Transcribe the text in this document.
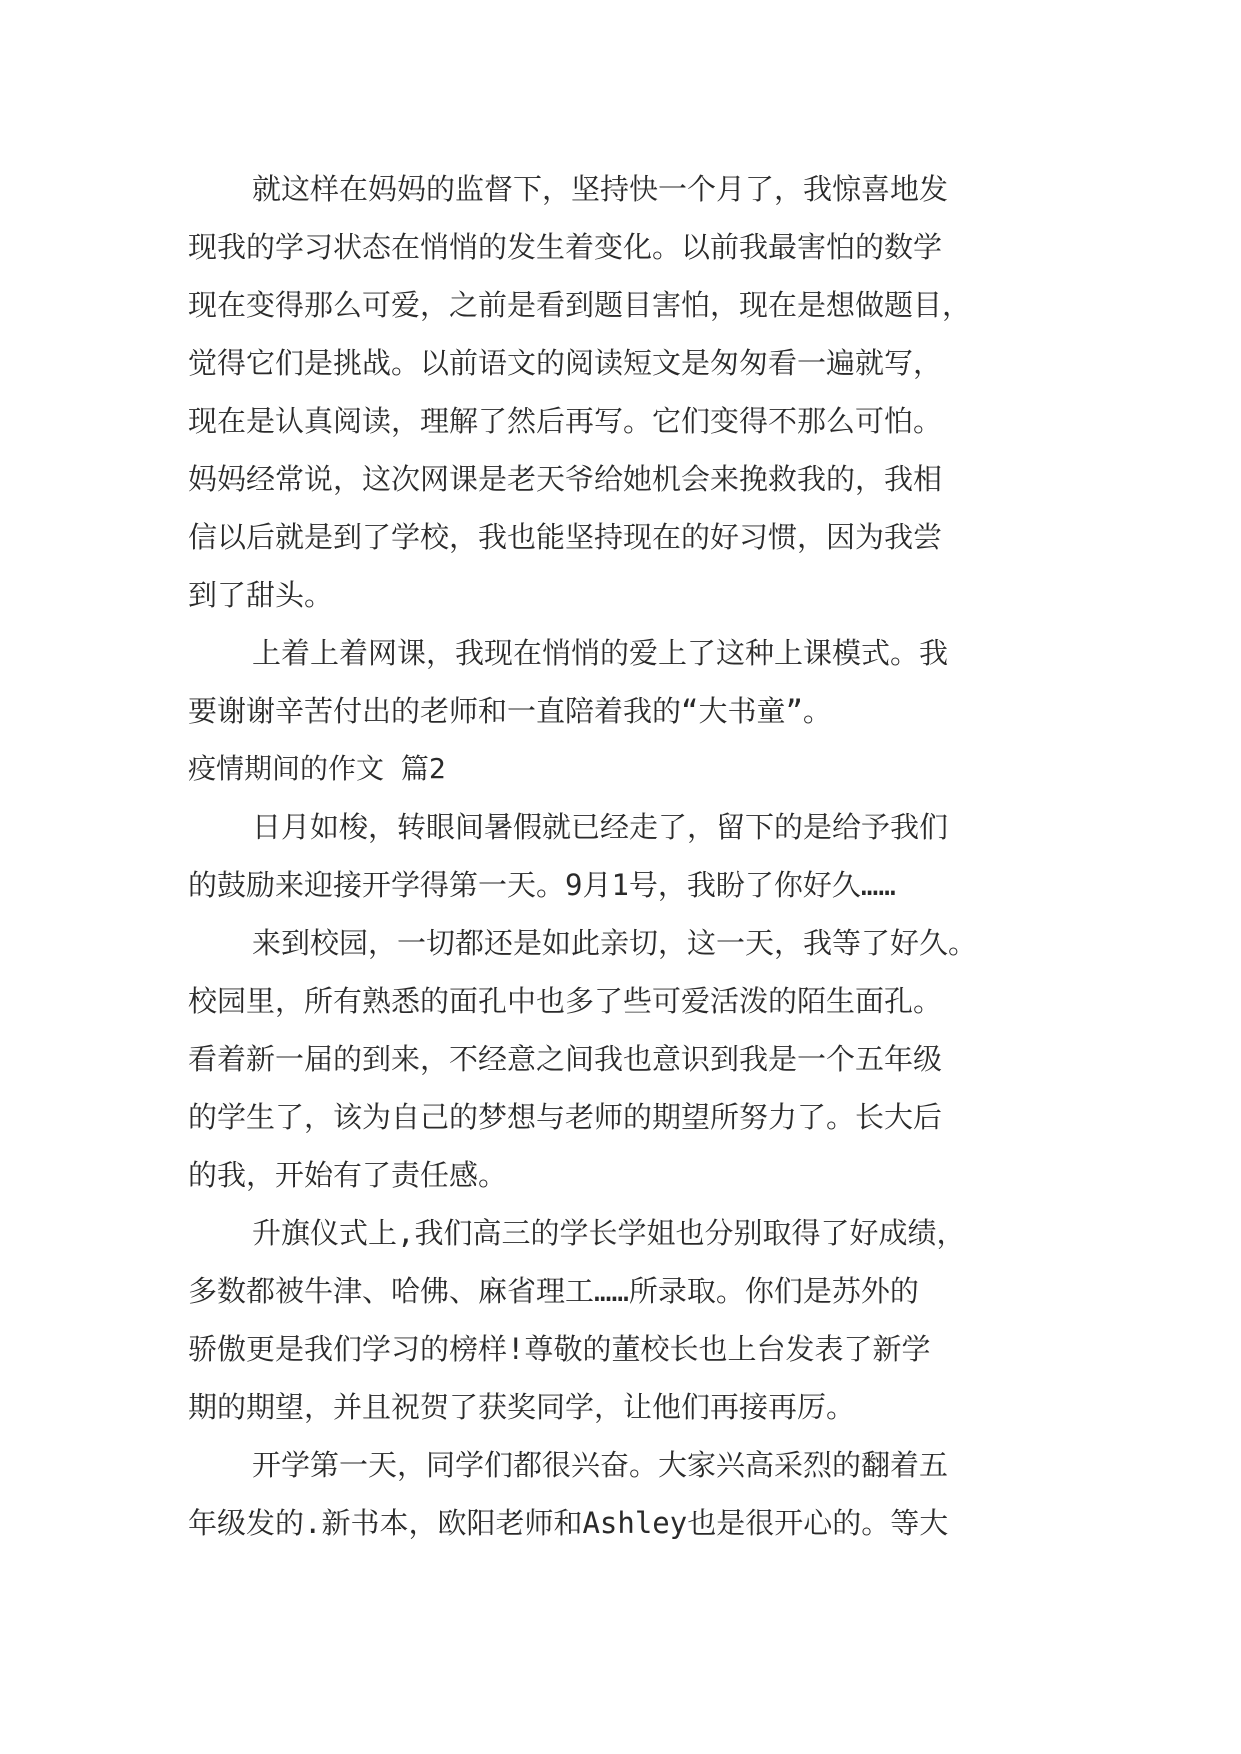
就这样在妈妈的监督下，坚持快一个月了，我惊喜地发
现我的学习状态在悄悄的发生着变化。以前我最害怕的数学
现在变得那么可爱，之前是看到题目害怕，现在是想做题目，
觉得它们是挑战。以前语文的阅读短文是匆匆看一遍就写，
现在是认真阅读，理解了然后再写。它们变得不那么可怕。
妈妈经常说，这次网课是老天爷给她机会来挽救我的，我相
信以后就是到了学校，我也能坚持现在的好习惯，因为我尝
到了甜头。
上着上着网课，我现在悄悄的爱上了这种上课模式。我
要谢谢辛苦付出的老师和一直陪着我的“大书童”。
疫情期间的作文 篇2
日月如梭，转眼间暑假就已经走了，留下的是给予我们
的鼓励来迎接开学得第一天。9月1号，我盼了你好久……
来到校园，一切都还是如此亲切，这一天，我等了好久。
校园里，所有熟悉的面孔中也多了些可爱活泼的陌生面孔。
看着新一届的到来，不经意之间我也意识到我是一个五年级
的学生了，该为自己的梦想与老师的期望所努力了。长大后
的我，开始有了责任感。
升旗仪式上,我们高三的学长学姐也分别取得了好成绩，
多数都被牛津、哈佛、麻省理工……所录取。你们是苏外的
骄傲更是我们学习的榜样!尊敬的董校长也上台发表了新学
期的期望，并且祝贺了获奖同学，让他们再接再厉。
开学第一天，同学们都很兴奋。大家兴高采烈的翻着五
年级发的.新书本，欧阳老师和Ashley也是很开心的。等大
